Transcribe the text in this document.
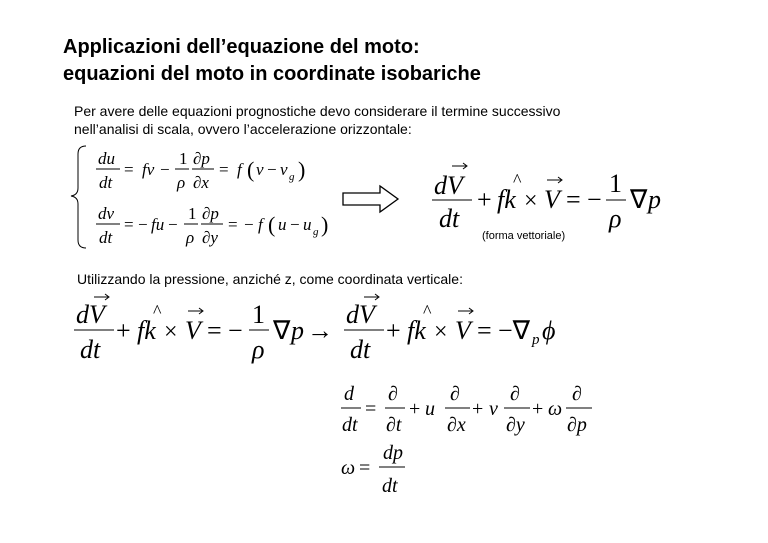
Applicazioni dell’equazione del moto:
equazioni del moto in coordinate isobariche
Per avere delle equazioni prognostiche devo considerare il termine successivo
nell’analisi di scala, ovvero l’accelerazione orizzontale:
(forma vettoriale)
Utilizzando la pressione, anziché z, come coordinata verticale:
du
dt
= fv −
1
ρ
∂p
∂x
= f ( v − v g )
dv
dt
= − fu −
1
ρ
∂p
∂y
= − f ( u − u g )
dV
dt
+ fk
^
× V = −
1
ρ
∇ p
dV
dt
+ fk
^
× V = −
1
ρ
∇ p →
dV
dt
+ fk
^
× V = −∇ p ϕ
d
dt
=
∂
∂t
+ u
∂
∂x
+ v
∂
∂y
+ ω
∂
∂p
ω =
dp
dt
